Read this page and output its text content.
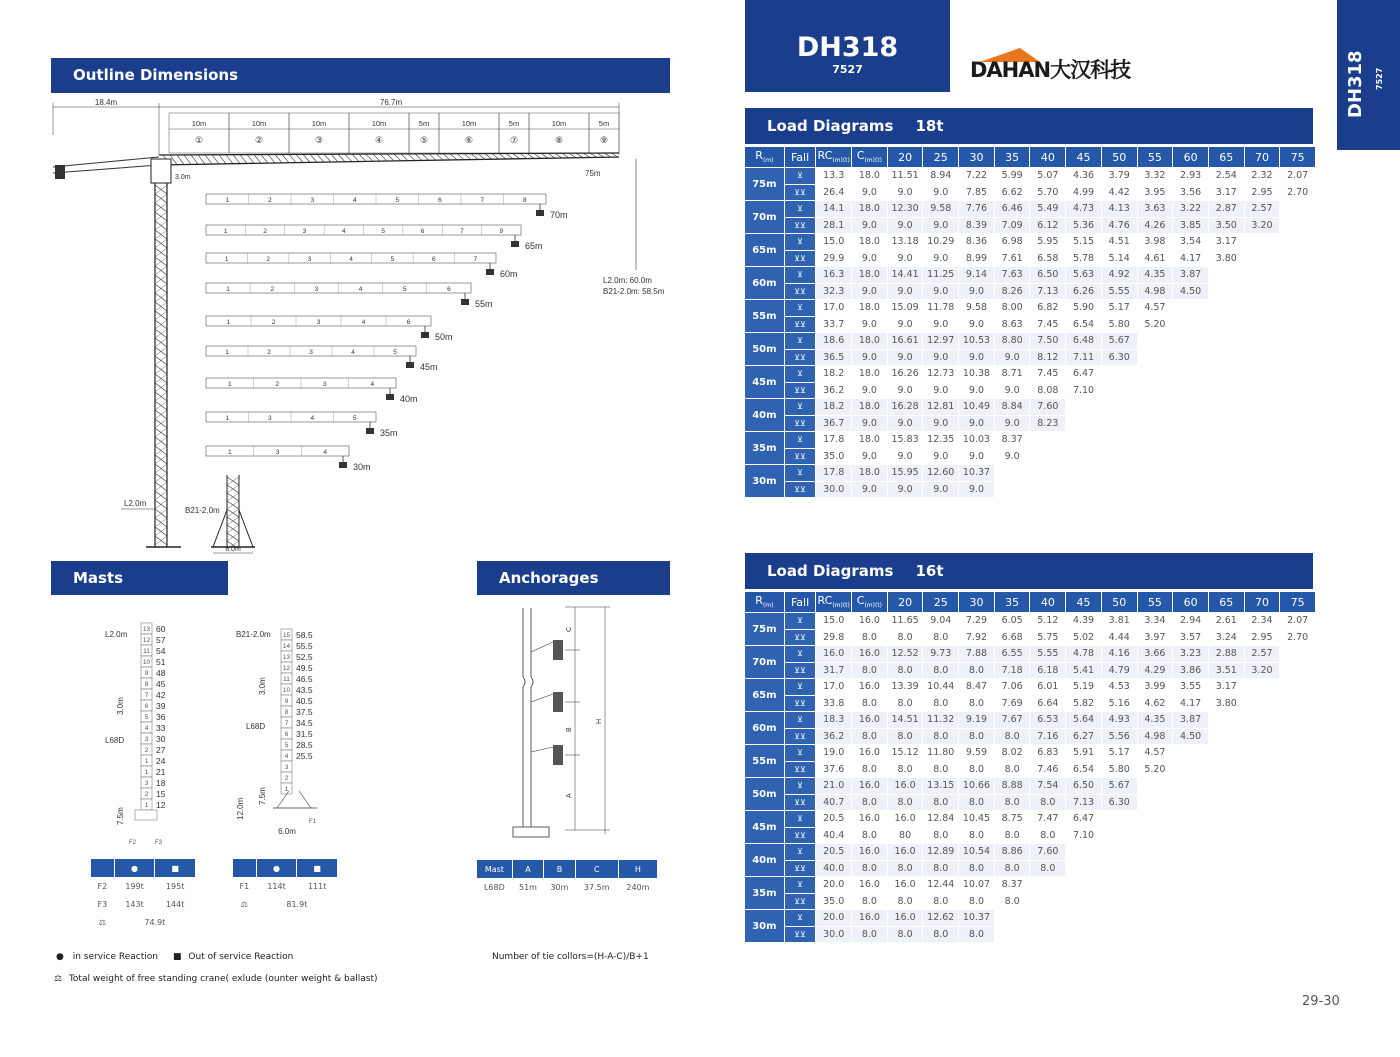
Outline Dimensions
18.4m	76.7m
10m
①
10m
②
10m
③
10m
④
5m
⑤
10m
⑥
5m
⑦
10m
⑧
5m
⑨
3.0m	75m
L2.0m: 60.0m
B21-2.0m: 58.5m
1	2	3	4	5	6	7	8
70m
1	2	3	4	5	6	7	9
65m
1	2	3	4	5	6	7
60m
1	2	3	4	5	6
55m
1	2	3	4	6
50m
1	2	3	4	5
45m
1	2	3	4
40m
1	3	4	5
35m
1	3	4
30m
L2.0m
B21-2.0m
6.0m
Masts	Anchorages
L2.0m
3.0m
L68D
7.5m
13 60
12 57
11 54
10 51
9 48
8 45
7 42
6 39
5 36
4 33
3 30
2 27
1 24
1 21
3 18
2 15
1 12
F2	F3
B21-2.0m
3.0m
L68D
7.5m
12.0m
15 58.5
14 55.5
13 52.5
12 49.5
11 46.5
10 43.5
9 40.5
8 37.5
7 34.5
6 31.5
5 28.5
4 25.5
3
2
1
6.0m
F1
	●	■
F2	199t	195t
F3	143t	144t
⚖	74.9t	
	●	■
F1	114t	111t
⚖	81.9t	
C
B
A
H
Mast	A	B	C	H
L68D	51m	30m	37.5m	240m
● in service Reaction ■ Out of service Reaction
⚖ Total weight of free standing crane( exlude (ounter weight & ballast)
Number of tie collors=(H-A-C)/B+1
DH318
7527	DAHAN大汉科技	DH318	7527
Load Diagrams 18t
$R_{(m)}$	Fall	$RC_{(m)(t)}$	$C_{(m)(t)}$	20	25	30	35	40	45	50	55	60	65	70	75
75m	⊻	13.3	18.0	11.51	8.94	7.22	5.99	5.07	4.36	3.79	3.32	2.93	2.54	2.32	2.07
	⊻⊻	26.4	9.0	9.0	9.0	7.85	6.62	5.70	4.99	4.42	3.95	3.56	3.17	2.95	2.70
70m	⊻	14.1	18.0	12.30	9.58	7.76	6.46	5.49	4.73	4.13	3.63	3.22	2.87	2.57	
	⊻⊻	28.1	9.0	9.0	9.0	8.39	7.09	6.12	5.36	4.76	4.26	3.85	3.50	3.20	
65m	⊻	15.0	18.0	13.18	10.29	8.36	6.98	5.95	5.15	4.51	3.98	3.54	3.17		
	⊻⊻	29.9	9.0	9.0	9.0	8.99	7.61	6.58	5.78	5.14	4.61	4.17	3.80		
60m	⊻	16.3	18.0	14.41	11.25	9.14	7.63	6.50	5.63	4.92	4.35	3.87			
	⊻⊻	32.3	9.0	9.0	9.0	9.0	8.26	7.13	6.26	5.55	4.98	4.50			
55m	⊻	17.0	18.0	15.09	11.78	9.58	8.00	6.82	5.90	5.17	4.57				
	⊻⊻	33.7	9.0	9.0	9.0	9.0	8.63	7.45	6.54	5.80	5.20				
50m	⊻	18.6	18.0	16.61	12.97	10.53	8.80	7.50	6.48	5.67					
	⊻⊻	36.5	9.0	9.0	9.0	9.0	9.0	8.12	7.11	6.30					
45m	⊻	18.2	18.0	16.26	12.73	10.38	8.71	7.45	6.47						
	⊻⊻	36.2	9.0	9.0	9.0	9.0	9.0	8.08	7.10						
40m	⊻	18.2	18.0	16.28	12.81	10.49	8.84	7.60							
	⊻⊻	36.7	9.0	9.0	9.0	9.0	9.0	8.23							
35m	⊻	17.8	18.0	15.83	12.35	10.03	8.37								
	⊻⊻	35.0	9.0	9.0	9.0	9.0	9.0								
30m	⊻	17.8	18.0	15.95	12.60	10.37									
	⊻⊻	30.0	9.0	9.0	9.0	9.0									
Load Diagrams 16t
$R_{(m)}$	Fall	$RC_{(m)(t)}$	$C_{(m)(t)}$	20	25	30	35	40	45	50	55	60	65	70	75
75m	⊻	15.0	16.0	11.65	9.04	7.29	6.05	5.12	4.39	3.81	3.34	2.94	2.61	2.34	2.07
	⊻⊻	29.8	8.0	8.0	8.0	7.92	6.68	5.75	5.02	4.44	3.97	3.57	3.24	2.95	2.70
70m	⊻	16.0	16.0	12.52	9.73	7.88	6.55	5.55	4.78	4.16	3.66	3.23	2.88	2.57	
	⊻⊻	31.7	8.0	8.0	8.0	8.0	7.18	6.18	5.41	4.79	4.29	3.86	3.51	3.20	
65m	⊻	17.0	16.0	13.39	10.44	8.47	7.06	6.01	5.19	4.53	3.99	3.55	3.17		
	⊻⊻	33.8	8.0	8.0	8.0	8.0	7.69	6.64	5.82	5.16	4.62	4.17	3.80		
60m	⊻	18.3	16.0	14.51	11.32	9.19	7.67	6.53	5.64	4.93	4.35	3.87			
	⊻⊻	36.2	8.0	8.0	8.0	8.0	8.0	7.16	6.27	5.56	4.98	4.50			
55m	⊻	19.0	16.0	15.12	11.80	9.59	8.02	6.83	5.91	5.17	4.57				
	⊻⊻	37.6	8.0	8.0	8.0	8.0	8.0	7.46	6.54	5.80	5.20				
50m	⊻	21.0	16.0	16.0	13.15	10.66	8.88	7.54	6.50	5.67					
	⊻⊻	40.7	8.0	8.0	8.0	8.0	8.0	8.0	7.13	6.30					
45m	⊻	20.5	16.0	16.0	12.84	10.45	8.75	7.47	6.47						
	⊻⊻	40.4	8.0	80	8.0	8.0	8.0	8.0	7.10						
40m	⊻	20.5	16.0	16.0	12.89	10.54	8.86	7.60							
	⊻⊻	40.0	8.0	8.0	8.0	8.0	8.0	8.0							
35m	⊻	20.0	16.0	16.0	12.44	10.07	8.37								
	⊻⊻	35.0	8.0	8.0	8.0	8.0	8.0								
30m	⊻	20.0	16.0	16.0	12.62	10.37									
	⊻⊻	30.0	8.0	8.0	8.0	8.0									
29-30
